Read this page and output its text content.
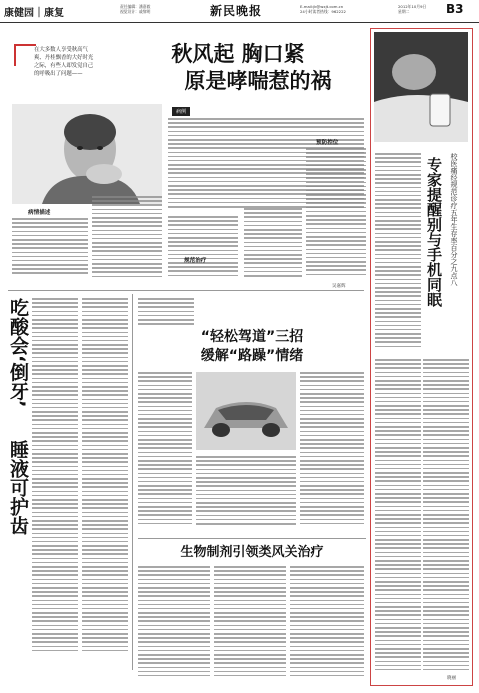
康健园｜康复
责任编辑：潘嘉毅
视觉设计：戚黎明	新民晚报	E-mail:jk@wxjt.com.cn
24小时读者热线：962222
2012年10月9日
星期二	B3
在大多数人享受秋高气爽、丹桂飘香的大好时光之际，有些人却发觉自己的呼吸出了问题——
秋风起 胸口紧
原是哮喘惹的祸
病例
病情描述
规范治疗
预防控位
吴嘉辉
吃酸会‘倒牙’
睡液可护齿
“轻松驾道”三招
缓解“路躁”情绪
生物制剂引领类风关治疗
专家提醒别与手机同眠 校医痛经规范诊疗五年生存率百分之九点八
晓丽
